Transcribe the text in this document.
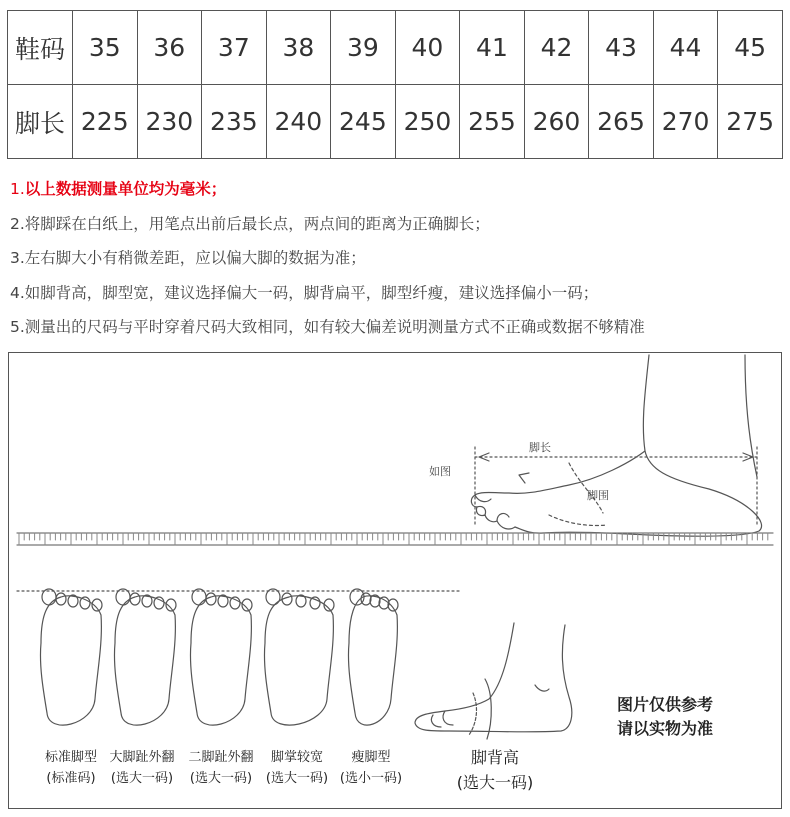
鞋码	35	36	37	38	39	40	41	42	43	44	45
脚长	225	230	235	240	245	250	255	260	265	270	275
1.以上数据测量单位均为毫米；
2.将脚踩在白纸上，用笔点出前后最长点，两点间的距离为正确脚长；
3.左右脚大小有稍微差距，应以偏大脚的数据为准；
4.如脚背高，脚型宽，建议选择偏大一码，脚背扁平，脚型纤瘦，建议选择偏小一码；
5.测量出的尺码与平时穿着尺码大致相同，如有较大偏差说明测量方式不正确或数据不够精准
脚长
如图
脚围
标准脚型
(标准码)
大脚趾外翻
(选大一码)
二脚趾外翻
(选大一码)
脚掌较宽
(选大一码)
瘦脚型
(选小一码)
脚背高
(选大一码)
图片仅供参考
请以实物为准
